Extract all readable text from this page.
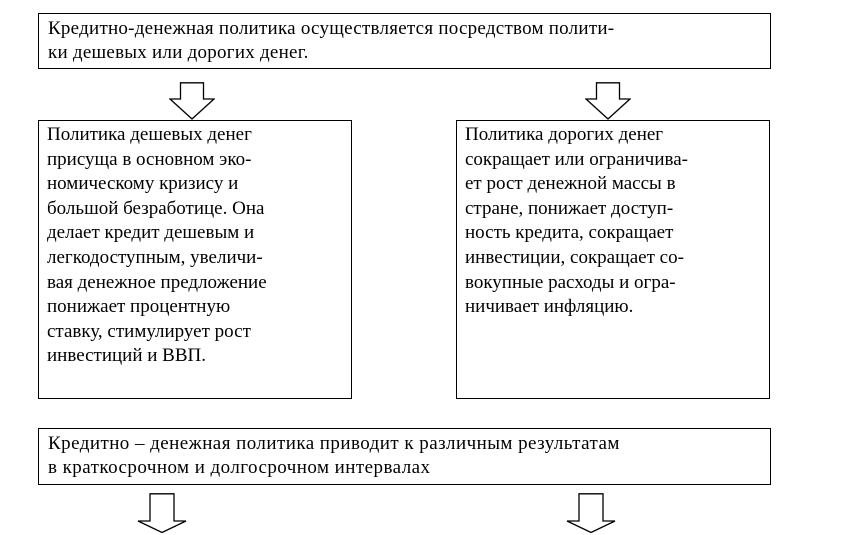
Кредитно-денежная политика осуществляется посредством полити-
ки дешевых или дорогих денег.
Политика дешевых денег
присуща в основном эко-
номическому кризису и
большой безработице. Она
делает кредит дешевым и
легкодоступным, увеличи-
вая денежное предложение
понижает процентную
ставку, стимулирует рост
инвестиций и ВВП.
Политика дорогих денег
сокращает или ограничива-
ет рост денежной массы в
стране, понижает доступ-
ность кредита, сокращает
инвестиции, сокращает со-
вокупные расходы и огра-
ничивает инфляцию.
Кредитно – денежная политика приводит к различным результатам
в краткосрочном и долгосрочном интервалах
